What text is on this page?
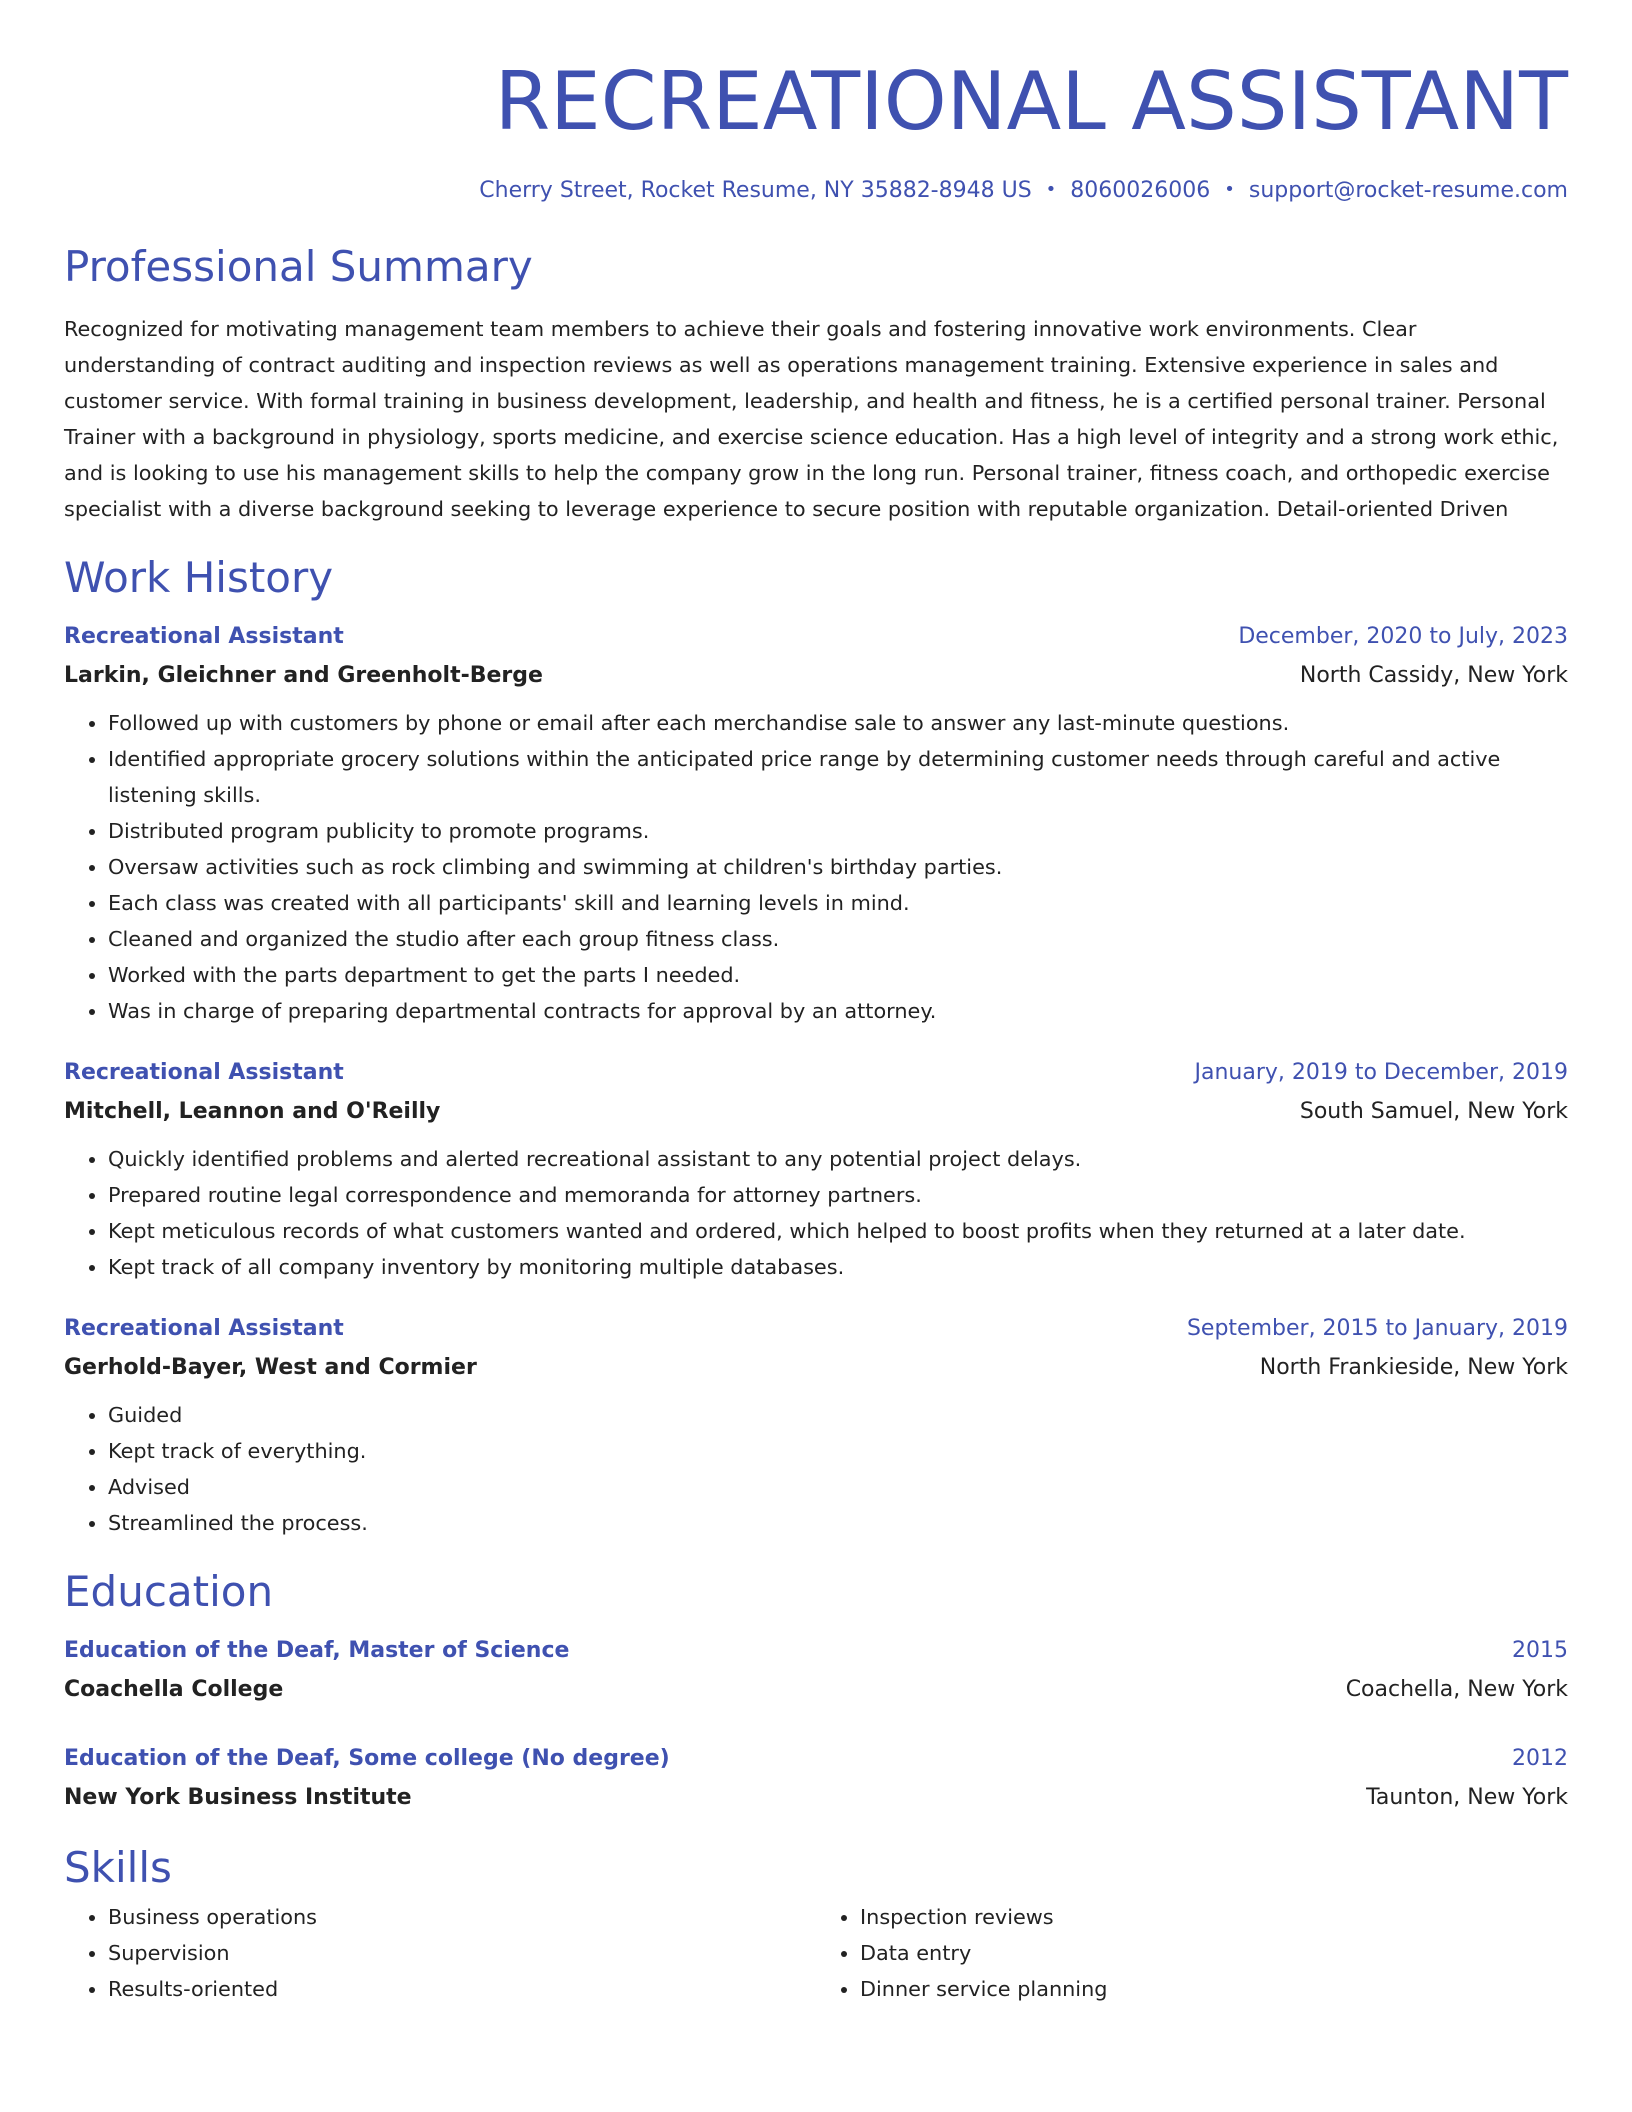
RECREATIONAL ASSISTANT
Cherry Street, Rocket Resume, NY 35882-8948 US • 8060026006 • support@rocket-resume.com
Professional Summary
Recognized for motivating management team members to achieve their goals and fostering innovative work environments. Clear understanding of contract auditing and inspection reviews as well as operations management training. Extensive experience in sales and customer service. With formal training in business development, leadership, and health and fitness, he is a certified personal trainer. Personal Trainer with a background in physiology, sports medicine, and exercise science education. Has a high level of integrity and a strong work ethic, and is looking to use his management skills to help the company grow in the long run. Personal trainer, fitness coach, and orthopedic exercise specialist with a diverse background seeking to leverage experience to secure position with reputable organization. Detail-oriented Driven
Work History
Recreational Assistant	December, 2020 to July, 2023
Larkin, Gleichner and Greenholt-Berge	North Cassidy, New York
• Followed up with customers by phone or email after each merchandise sale to answer any last-minute questions.
• Identified appropriate grocery solutions within the anticipated price range by determining customer needs through careful and active listening skills.
• Distributed program publicity to promote programs.
• Oversaw activities such as rock climbing and swimming at children's birthday parties.
• Each class was created with all participants' skill and learning levels in mind.
• Cleaned and organized the studio after each group fitness class.
• Worked with the parts department to get the parts I needed.
• Was in charge of preparing departmental contracts for approval by an attorney.
Recreational Assistant	January, 2019 to December, 2019
Mitchell, Leannon and O'Reilly	South Samuel, New York
• Quickly identified problems and alerted recreational assistant to any potential project delays.
• Prepared routine legal correspondence and memoranda for attorney partners.
• Kept meticulous records of what customers wanted and ordered, which helped to boost profits when they returned at a later date.
• Kept track of all company inventory by monitoring multiple databases.
Recreational Assistant	September, 2015 to January, 2019
Gerhold-Bayer, West and Cormier	North Frankieside, New York
• Guided
• Kept track of everything.
• Advised
• Streamlined the process.
Education
Education of the Deaf, Master of Science	2015
Coachella College	Coachella, New York
Education of the Deaf, Some college (No degree)	2012
New York Business Institute	Taunton, New York
Skills
• Business operations
• Supervision
• Results-oriented
• Inspection reviews
• Data entry
• Dinner service planning
